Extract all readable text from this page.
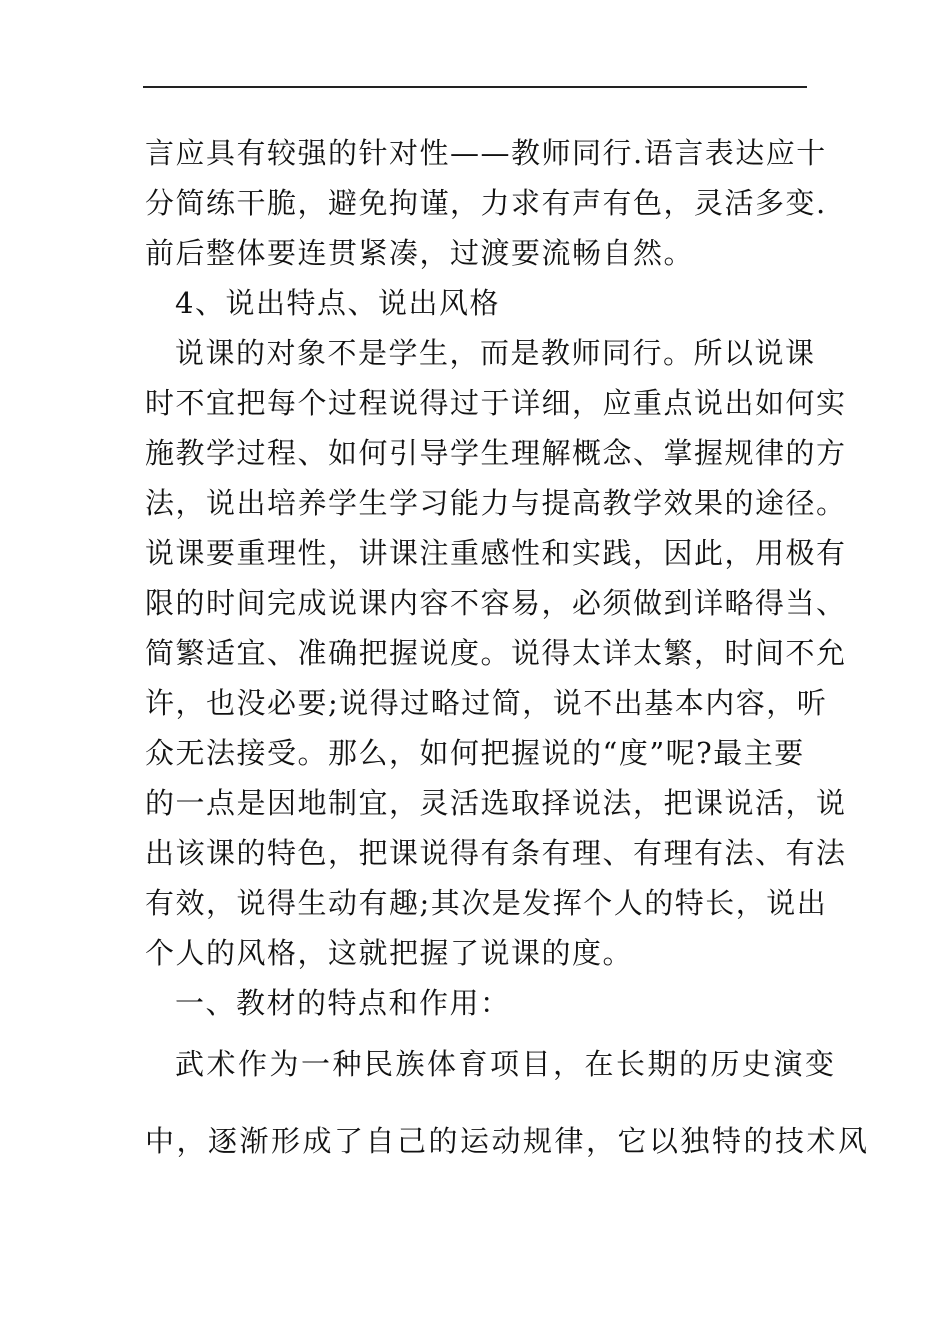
言应具有较强的针对性——教师同行.语言表达应十
分简练干脆，避免拘谨，力求有声有色，灵活多变.
前后整体要连贯紧凑，过渡要流畅自然。
4、说出特点、说出风格
说课的对象不是学生，而是教师同行。所以说课
时不宜把每个过程说得过于详细，应重点说出如何实
施教学过程、如何引导学生理解概念、掌握规律的方
法，说出培养学生学习能力与提高教学效果的途径。
说课要重理性，讲课注重感性和实践，因此，用极有
限的时间完成说课内容不容易，必须做到详略得当、
简繁适宜、准确把握说度。说得太详太繁，时间不允
许，也没必要;说得过略过简，说不出基本内容，听
众无法接受。那么，如何把握说的“度”呢?最主要
的一点是因地制宜，灵活选取择说法，把课说活，说
出该课的特色，把课说得有条有理、有理有法、有法
有效，说得生动有趣;其次是发挥个人的特长，说出
个人的风格，这就把握了说课的度。
一、教材的特点和作用：
武术作为一种民族体育项目，在长期的历史演变
中，逐渐形成了自己的运动规律，它以独特的技术风
